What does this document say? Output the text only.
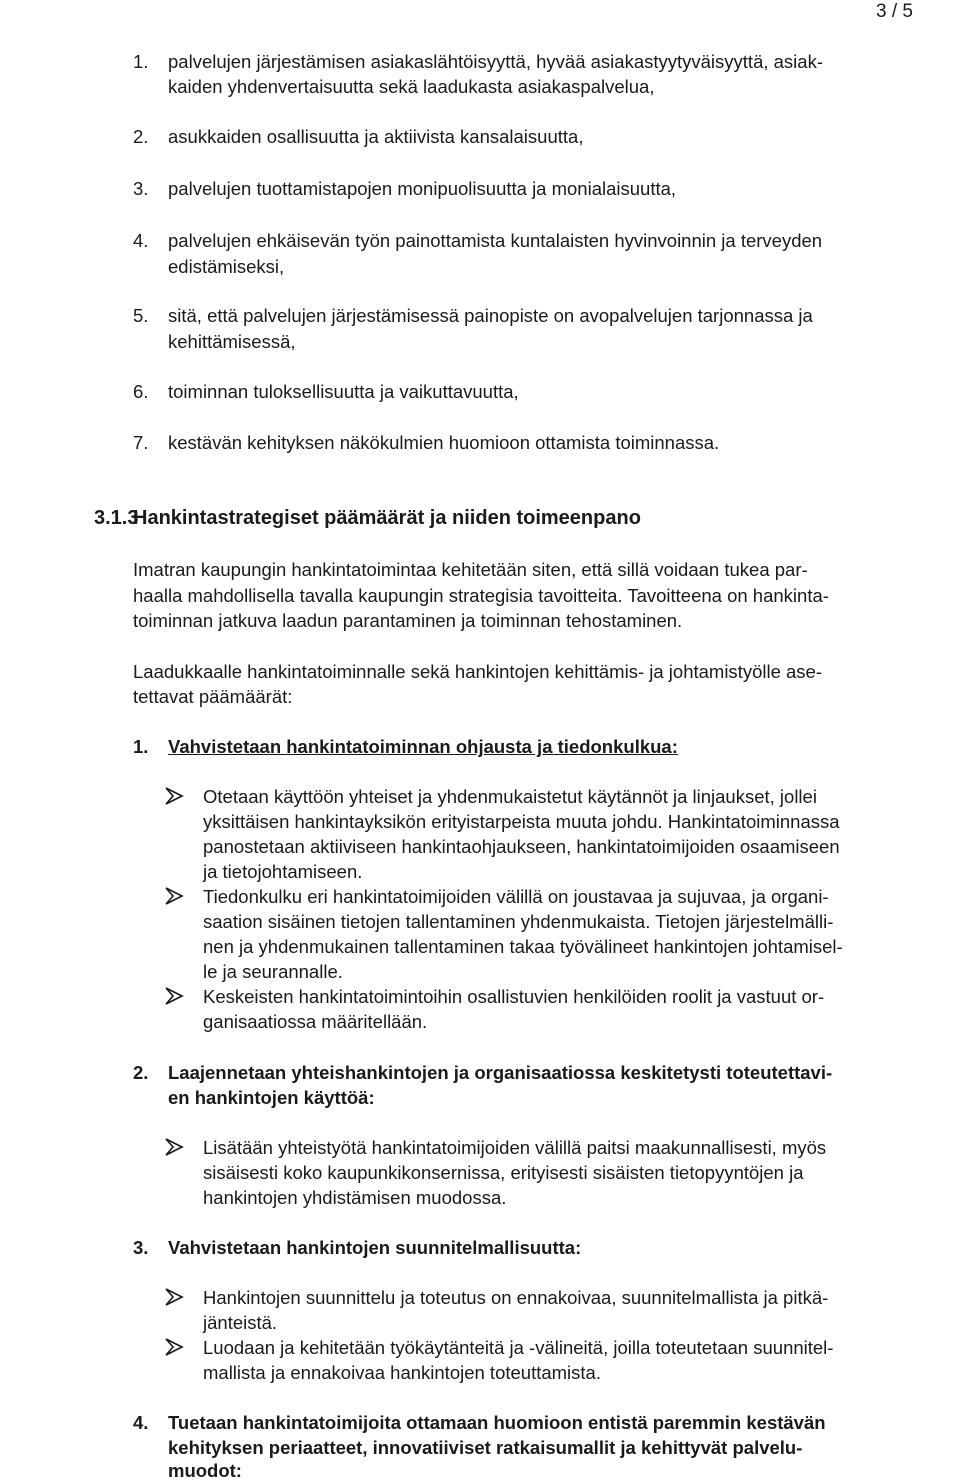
3 / 5
1. palvelujen järjestämisen asiakaslähtöisyyttä, hyvää asiakastyytyväisyyttä, asiak-
kaiden yhdenvertaisuutta sekä laadukasta asiakaspalvelua,
2. asukkaiden osallisuutta ja aktiivista kansalaisuutta,
3. palvelujen tuottamistapojen monipuolisuutta ja monialaisuutta,
4. palvelujen ehkäisevän työn painottamista kuntalaisten hyvinvoinnin ja terveyden
edistämiseksi,
5. sitä, että palvelujen järjestämisessä painopiste on avopalvelujen tarjonnassa ja
kehittämisessä,
6. toiminnan tuloksellisuutta ja vaikuttavuutta,
7. kestävän kehityksen näkökulmien huomioon ottamista toiminnassa.
3.1.3
Hankintastrategiset päämäärät ja niiden toimeenpano
Imatran kaupungin hankintatoimintaa kehitetään siten, että sillä voidaan tukea par-
haalla mahdollisella tavalla kaupungin strategisia tavoitteita. Tavoitteena on hankinta-
toiminnan jatkuva laadun parantaminen ja toiminnan tehostaminen.
Laadukkaalle hankintatoiminnalle sekä hankintojen kehittämis- ja johtamistyölle ase-
tettavat päämäärät:
1. Vahvistetaan hankintatoiminnan ohjausta ja tiedonkulkua:
Otetaan käyttöön yhteiset ja yhdenmukaistetut käytännöt ja linjaukset, jollei
yksittäisen hankintayksikön erityistarpeista muuta johdu. Hankintatoiminnassa
panostetaan aktiiviseen hankintaohjaukseen, hankintatoimijoiden osaamiseen
ja tietojohtamiseen.
Tiedonkulku eri hankintatoimijoiden välillä on joustavaa ja sujuvaa, ja organi-
saation sisäinen tietojen tallentaminen yhdenmukaista. Tietojen järjestelmälli-
nen ja yhdenmukainen tallentaminen takaa työvälineet hankintojen johtamisel-
le ja seurannalle.
Keskeisten hankintatoimintoihin osallistuvien henkilöiden roolit ja vastuut or-
ganisaatiossa määritellään.
2. Laajennetaan yhteishankintojen ja organisaatiossa keskitetysti toteutettavi-
en hankintojen käyttöä:
Lisätään yhteistyötä hankintatoimijoiden välillä paitsi maakunnallisesti, myös
sisäisesti koko kaupunkikonsernissa, erityisesti sisäisten tietopyyntöjen ja
hankintojen yhdistämisen muodossa.
3. Vahvistetaan hankintojen suunnitelmallisuutta:
Hankintojen suunnittelu ja toteutus on ennakoivaa, suunnitelmallista ja pitkä-
jänteistä.
Luodaan ja kehitetään työkäytänteitä ja -välineitä, joilla toteutetaan suunnitel-
mallista ja ennakoivaa hankintojen toteuttamista.
4. Tuetaan hankintatoimijoita ottamaan huomioon entistä paremmin kestävän
kehityksen periaatteet, innovatiiviset ratkaisumallit ja kehittyvät palvelu-
muodot:
